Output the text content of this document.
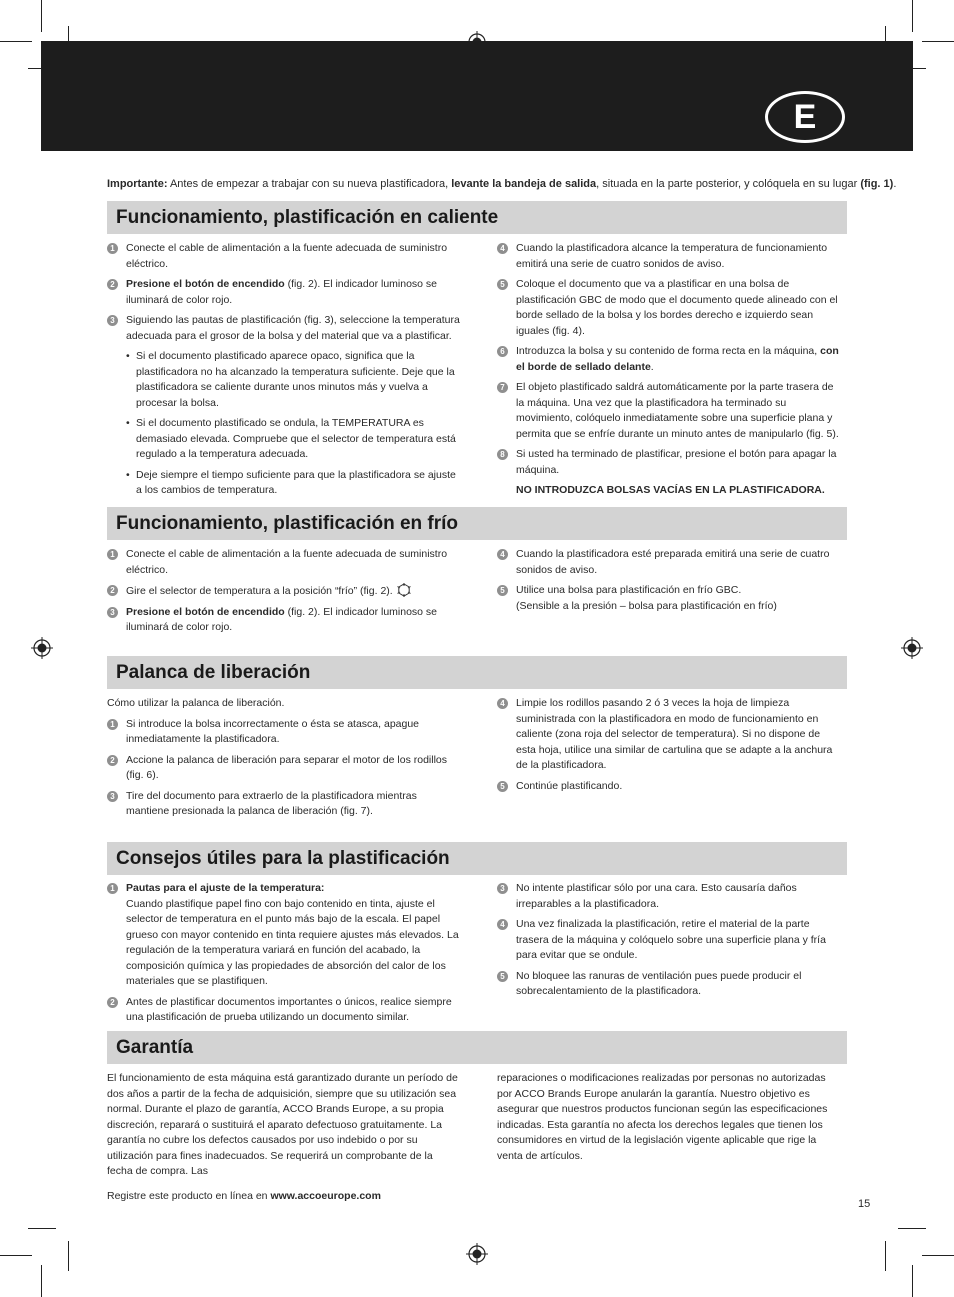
E
Importante: Antes de empezar a trabajar con su nueva plastificadora, levante la bandeja de salida, situada en la parte posterior, y colóquela en su lugar (fig. 1).
Funcionamiento, plastificación en caliente
1	Conecte el cable de alimentación a la fuente adecuada de suministro eléctrico.
2	Presione el botón de encendido (fig. 2). El indicador luminoso se iluminará de color rojo.
3	Siguiendo las pautas de plastificación (fig. 3), seleccione la temperatura adecuada para el grosor de la bolsa y del material que va a plastificar.
• Si el documento plastificado aparece opaco, significa que la plastificadora no ha alcanzado la temperatura suficiente. Deje que la plastificadora se caliente durante unos minutos más y vuelva a procesar la bolsa.
• Si el documento plastificado se ondula, la TEMPERATURA es demasiado elevada. Compruebe que el selector de temperatura está regulado a la temperatura adecuada.
• Deje siempre el tiempo suficiente para que la plastificadora se ajuste a los cambios de temperatura.
4	Cuando la plastificadora alcance la temperatura de funcionamiento emitirá una serie de cuatro sonidos de aviso.
5	Coloque el documento que va a plastificar en una bolsa de plastificación GBC de modo que el documento quede alineado con el borde sellado de la bolsa y los bordes derecho e izquierdo sean iguales (fig. 4).
6	Introduzca la bolsa y su contenido de forma recta en la máquina, con el borde de sellado delante.
7	El objeto plastificado saldrá automáticamente por la parte trasera de la máquina. Una vez que la plastificadora ha terminado su movimiento, colóquelo inmediatamente sobre una superficie plana y permita que se enfríe durante un minuto antes de manipularlo (fig. 5).
8	Si usted ha terminado de plastificar, presione el botón para apagar la máquina.
NO INTRODUZCA BOLSAS VACÍAS EN LA PLASTIFICADORA.
Funcionamiento, plastificación en frío
1	Conecte el cable de alimentación a la fuente adecuada de suministro eléctrico.
2	Gire el selector de temperatura a la posición “frío” (fig. 2).
3	Presione el botón de encendido (fig. 2). El indicador luminoso se iluminará de color rojo.
4	Cuando la plastificadora esté preparada emitirá una serie de cuatro sonidos de aviso.
5	Utilice una bolsa para plastificación en frío GBC.
(Sensible a la presión – bolsa para plastificación en frío)
Palanca de liberación
Cómo utilizar la palanca de liberación.
1	Si introduce la bolsa incorrectamente o ésta se atasca, apague inmediatamente la plastificadora.
2	Accione la palanca de liberación para separar el motor de los rodillos (fig. 6).
3	Tire del documento para extraerlo de la plastificadora mientras mantiene presionada la palanca de liberación (fig. 7).
4	Limpie los rodillos pasando 2 ó 3 veces la hoja de limpieza suministrada con la plastificadora en modo de funcionamiento en caliente (zona roja del selector de temperatura). Si no dispone de esta hoja, utilice una similar de cartulina que se adapte a la anchura de la plastificadora.
5	Continúe plastificando.
Consejos útiles para la plastificación
1	Pautas para el ajuste de la temperatura:
Cuando plastifique papel fino con bajo contenido en tinta, ajuste el selector de temperatura en el punto más bajo de la escala. El papel grueso con mayor contenido en tinta requiere ajustes más elevados. La regulación de la temperatura variará en función del acabado, la composición química y las propiedades de absorción del calor de los materiales que se plastifiquen.
2	Antes de plastificar documentos importantes o únicos, realice siempre una plastificación de prueba utilizando un documento similar.
3	No intente plastificar sólo por una cara. Esto causaría daños irreparables a la plastificadora.
4	Una vez finalizada la plastificación, retire el material de la parte trasera de la máquina y colóquelo sobre una superficie plana y fría para evitar que se ondule.
5	No bloquee las ranuras de ventilación pues puede producir el sobrecalentamiento de la plastificadora.
Garantía
El funcionamiento de esta máquina está garantizado durante un período de dos años a partir de la fecha de adquisición, siempre que su utilización sea normal. Durante el plazo de garantía, ACCO Brands Europe, a su propia discreción, reparará o sustituirá el aparato defectuoso gratuitamente. La garantía no cubre los defectos causados por uso indebido o por su utilización para fines inadecuados. Se requerirá un comprobante de la fecha de compra. Las
Registre este producto en línea en www.accoeurope.com
reparaciones o modificaciones realizadas por personas no autorizadas por ACCO Brands Europe anularán la garantía. Nuestro objetivo es asegurar que nuestros productos funcionan según las especificaciones indicadas. Esta garantía no afecta los derechos legales que tienen los consumidores en virtud de la legislación vigente aplicable que rige la venta de artículos.
15
